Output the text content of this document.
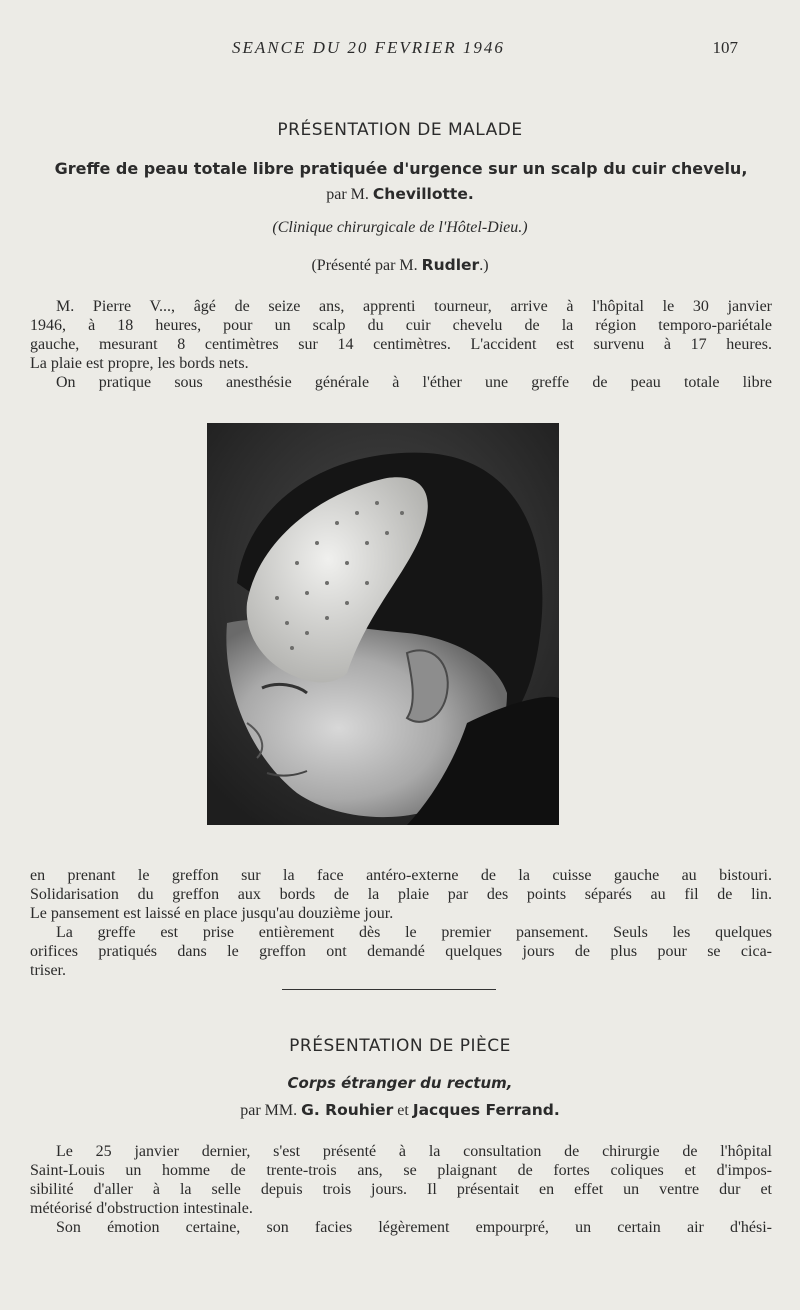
SEANCE DU 20 FEVRIER 1946	107
PRÉSENTATION DE MALADE
Greffe de peau totale libre pratiquée d'urgence sur un scalp du cuir chevelu,
par M. Chevillotte.
(Clinique chirurgicale de l'Hôtel-Dieu.)
(Présenté par M. Rudler.)
M. Pierre V..., âgé de seize ans, apprenti tourneur, arrive à l'hôpital le 30 janvier
1946, à 18 heures, pour un scalp du cuir chevelu de la région temporo-pariétale
gauche, mesurant 8 centimètres sur 14 centimètres. L'accident est survenu à 17 heures.
La plaie est propre, les bords nets.
On pratique sous anesthésie générale à l'éther une greffe de peau totale libre
en prenant le greffon sur la face antéro-externe de la cuisse gauche au bistouri.
Solidarisation du greffon aux bords de la plaie par des points séparés au fil de lin.
Le pansement est laissé en place jusqu'au douzième jour.
La greffe est prise entièrement dès le premier pansement. Seuls les quelques
orifices pratiqués dans le greffon ont demandé quelques jours de plus pour se cica-
triser.
PRÉSENTATION DE PIÈCE
Corps étranger du rectum,
par MM. G. Rouhier et Jacques Ferrand.
Le 25 janvier dernier, s'est présenté à la consultation de chirurgie de l'hôpital
Saint-Louis un homme de trente-trois ans, se plaignant de fortes coliques et d'impos-
sibilité d'aller à la selle depuis trois jours. Il présentait en effet un ventre dur et
météorisé d'obstruction intestinale.
Son émotion certaine, son facies légèrement empourpré, un certain air d'hési-
